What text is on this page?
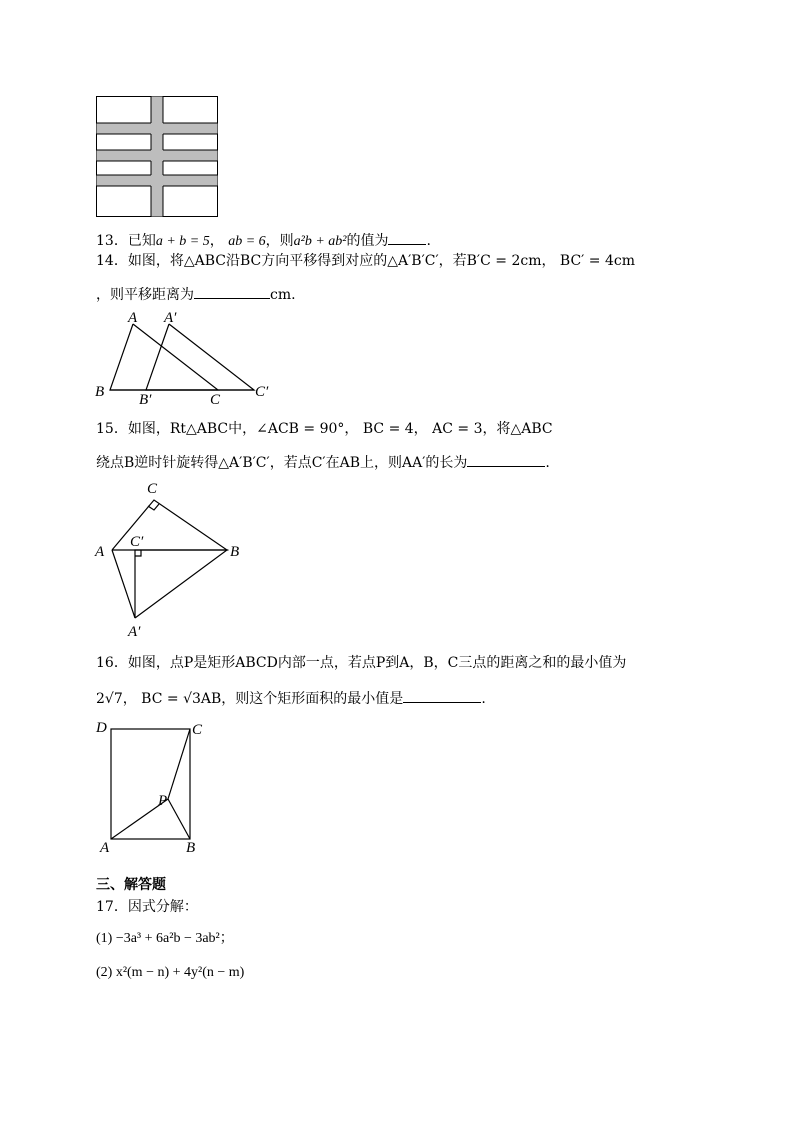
13．已知a + b = 5， ab = 6，则a²b + ab²的值为	.
14．如图，将△ABC沿BC方向平移得到对应的△A′B′C′，若B′C = 2cm， BC′ = 4cm
，则平移距离为	cm.
A A′
B B′	C C′
15．如图，Rt△ABC中，∠ACB = 90°， BC = 4， AC = 3，将△ABC
绕点B逆时针旋转得△A′B′C′，若点C′在AB上，则AA′的长为	.
C
A
C′
B
A′
16．如图，点P是矩形ABCD内部一点，若点P到A，B，C三点的距离之和的最小值为
2√7， BC = √3AB，则这个矩形面积的最小值是	.
D	C
P
A	B
三、解答题
17．因式分解：
(1) −3a³ + 6a²b − 3ab²；
(2) x²(m − n) + 4y²(n − m)
